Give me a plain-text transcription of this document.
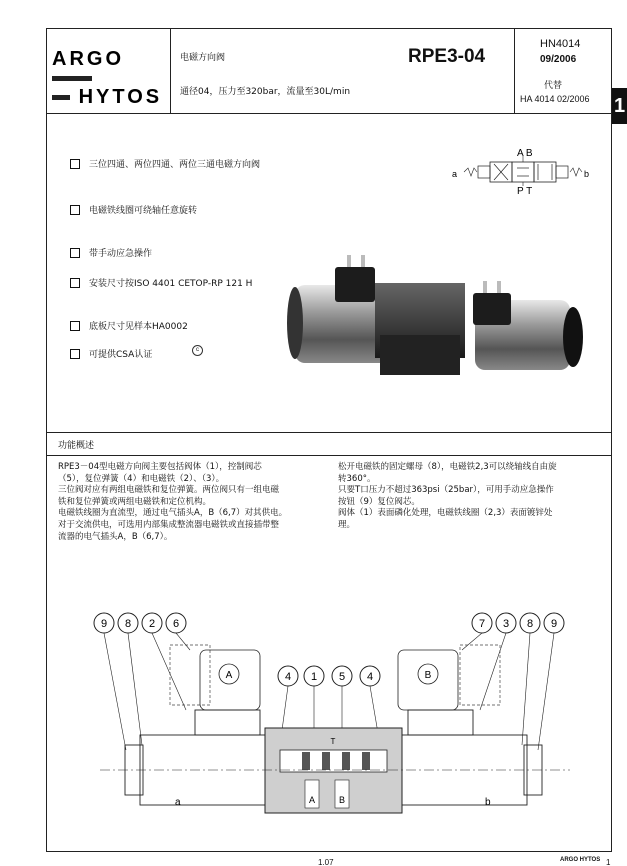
ARGO
HYTOS
电磁方向阀
通径04，压力至320bar，流量至30L/min
RPE3-04
HN4014
09/2006
代替
HA 4014 02/2006 1
三位四通、两位四通、两位三通电磁方向阀
电磁铁线圈可绕轴任意旋转
带手动应急操作
安装尺寸按ISO 4401 CETOP-RP 121 H
底板尺寸见样本HA0002
可提供CSA认证	c
A B
P T
a	b
功能概述
RPE3－04型电磁方向阀主要包括阀体（1），控制阀芯
（5），复位弹簧（4）和电磁铁（2）、（3）。
三位阀对应有两组电磁铁和复位弹簧。两位阀只有一组电磁
铁和复位弹簧或两组电磁铁和定位机构。
电磁铁线圈为直流型，通过电气插头A，B（6,7）对其供电。
对于交流供电，可选用内部集成整流器电磁铁或直接插带整
流器的电气插头A，B（6,7）。
松开电磁铁的固定螺母（8），电磁铁2,3可以绕轴线自由旋
转360°。
只要T口压力不超过363psi（25bar），可用手动应急操作
按钮（9）复位阀芯。
阀体（1）表面磷化处理，电磁铁线圈（2,3）表面镀锌处
理。
9 8 2 6	7 3 8 9
4 1 5 4
A	B
A	B
T
a	b
1.07	ARGO HYTOS 1
